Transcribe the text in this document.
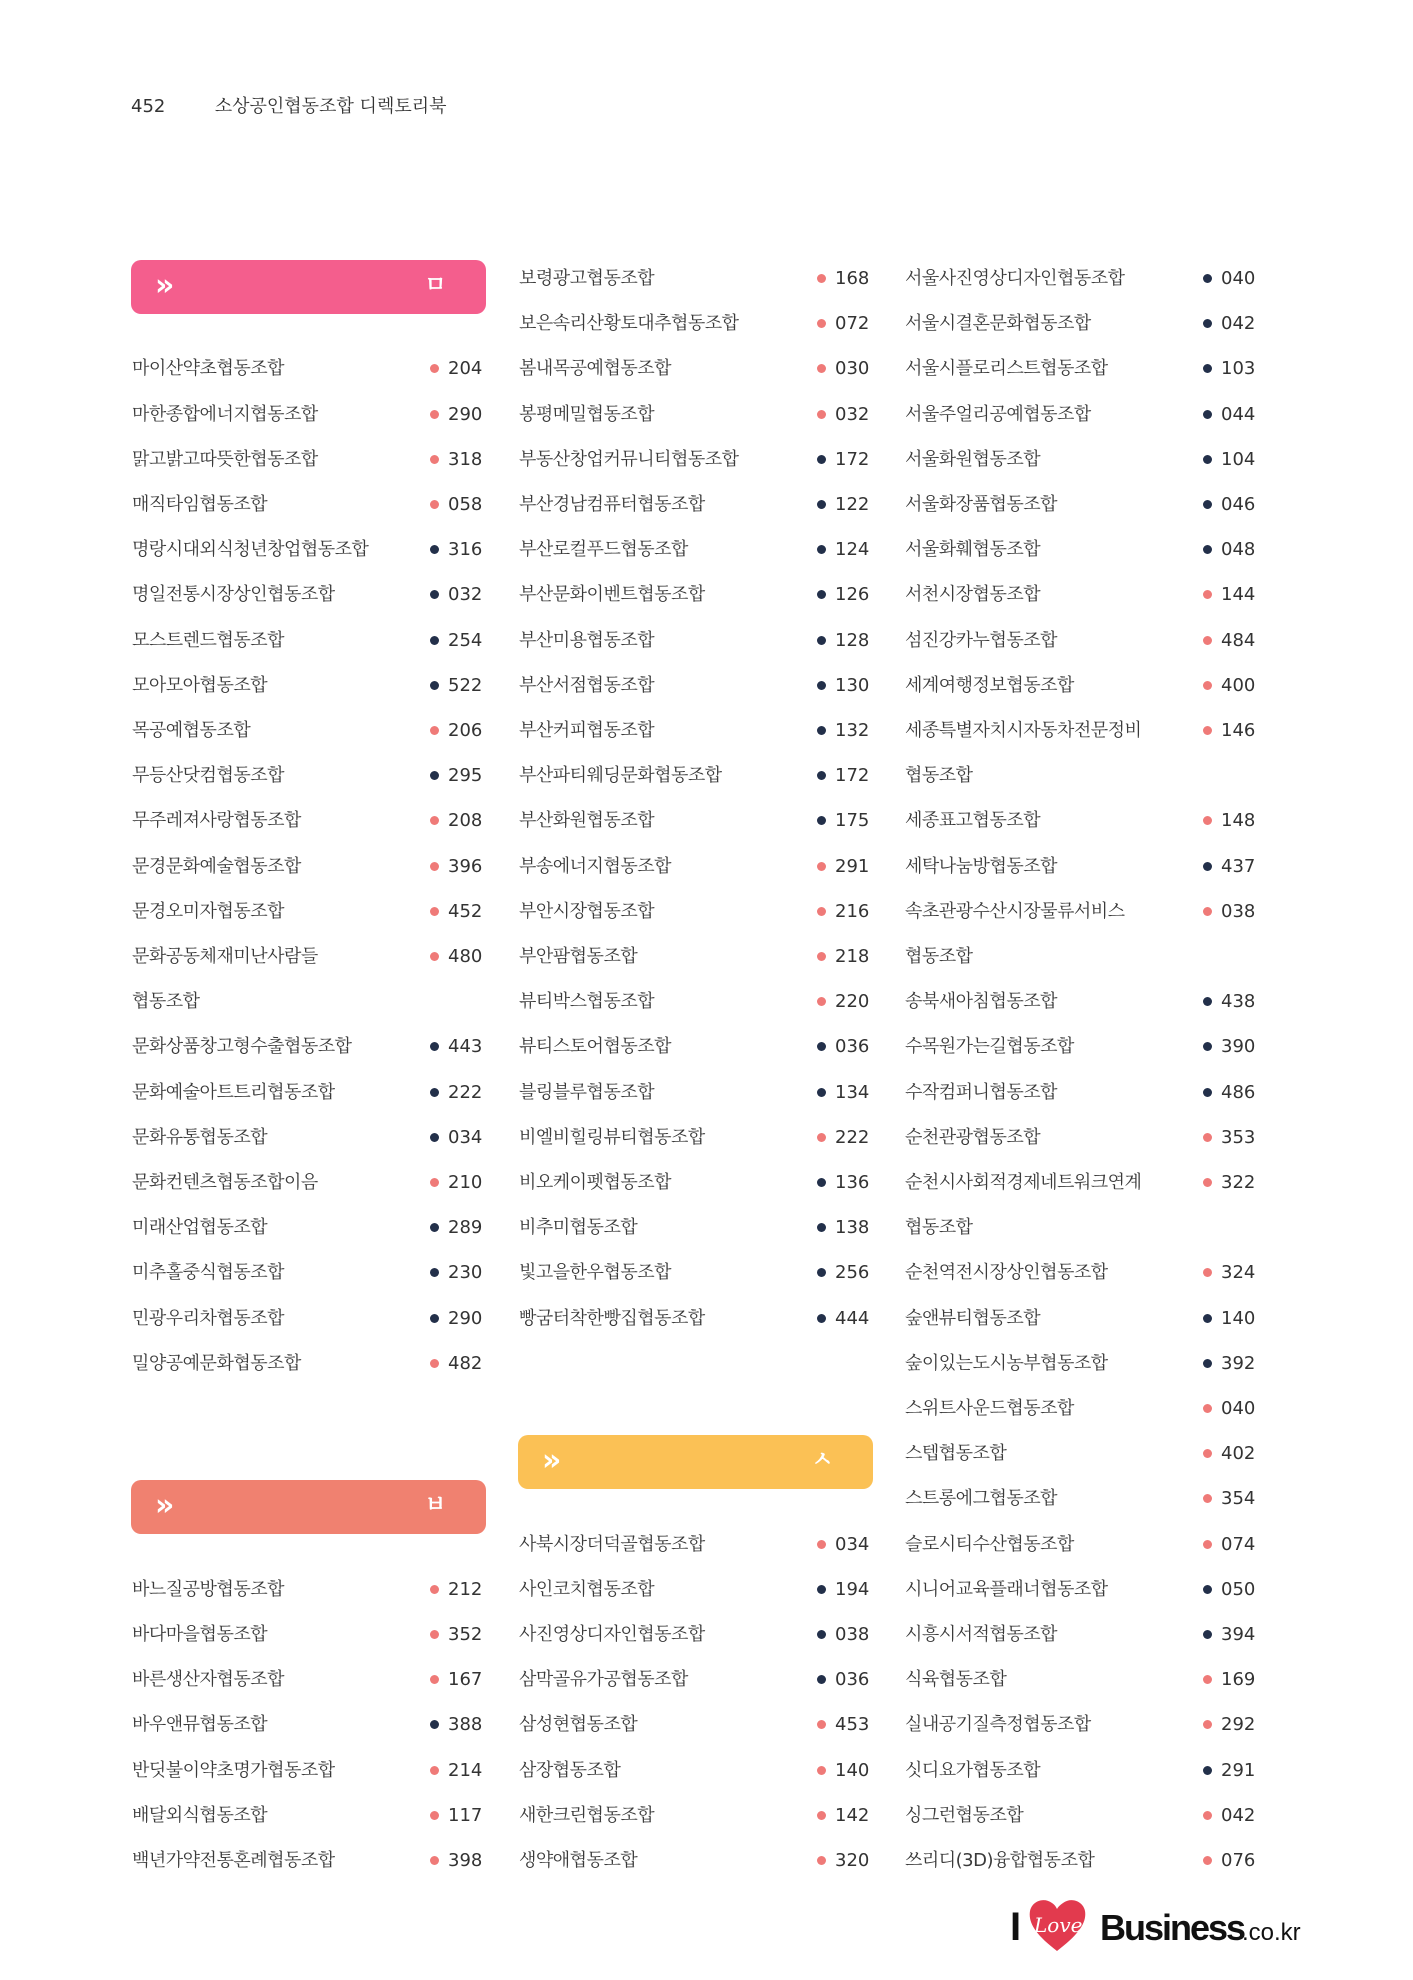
452	소상공인협동조합 디렉토리북
»	ㅁ
»	ㅂ
마이산약초협동조합	204
마한종합에너지협동조합	290
맑고밝고따뜻한협동조합	318
매직타임협동조합	058
명랑시대외식청년창업협동조합	316
명일전통시장상인협동조합	032
모스트렌드협동조합	254
모아모아협동조합	522
목공예협동조합	206
무등산닷컴협동조합	295
무주레져사랑협동조합	208
문경문화예술협동조합	396
문경오미자협동조합	452
문화공동체재미난사람들	480
협동조합
문화상품창고형수출협동조합	443
문화예술아트트리협동조합	222
문화유통협동조합	034
문화컨텐츠협동조합이음	210
미래산업협동조합	289
미추홀중식협동조합	230
민광우리차협동조합	290
밀양공예문화협동조합	482
바느질공방협동조합	212
바다마을협동조합	352
바른생산자협동조합	167
바우앤뮤협동조합	388
반딧불이약초명가협동조합	214
배달외식협동조합	117
백년가약전통혼례협동조합	398
»	ㅅ
보령광고협동조합	168
보은속리산황토대추협동조합	072
봄내목공예협동조합	030
봉평메밀협동조합	032
부동산창업커뮤니티협동조합	172
부산경남컴퓨터협동조합	122
부산로컬푸드협동조합	124
부산문화이벤트협동조합	126
부산미용협동조합	128
부산서점협동조합	130
부산커피협동조합	132
부산파티웨딩문화협동조합	172
부산화원협동조합	175
부송에너지협동조합	291
부안시장협동조합	216
부안팜협동조합	218
뷰티박스협동조합	220
뷰티스토어협동조합	036
블링블루협동조합	134
비엘비힐링뷰티협동조합	222
비오케이펫협동조합	136
비추미협동조합	138
빛고을한우협동조합	256
빵굼터착한빵집협동조합	444
사북시장더덕골협동조합	034
사인코치협동조합	194
사진영상디자인협동조합	038
삼막골유가공협동조합	036
삼성현협동조합	453
삼장협동조합	140
새한크린협동조합	142
생약애협동조합	320
서울사진영상디자인협동조합	040
서울시결혼문화협동조합	042
서울시플로리스트협동조합	103
서울주얼리공예협동조합	044
서울화원협동조합	104
서울화장품협동조합	046
서울화훼협동조합	048
서천시장협동조합	144
섬진강카누협동조합	484
세계여행정보협동조합	400
세종특별자치시자동차전문정비	146
협동조합
세종표고협동조합	148
세탁나눔방협동조합	437
속초관광수산시장물류서비스	038
협동조합
송북새아침협동조합	438
수목원가는길협동조합	390
수작컴퍼니협동조합	486
순천관광협동조합	353
순천시사회적경제네트워크연계	322
협동조합
순천역전시장상인협동조합	324
숲앤뷰티협동조합	140
숲이있는도시농부협동조합	392
스위트사운드협동조합	040
스텝협동조합	402
스트롱에그협동조합	354
슬로시티수산협동조합	074
시니어교육플래너협동조합	050
시흥시서적협동조합	394
식육협동조합	169
실내공기질측정협동조합	292
싯디요가협동조합	291
싱그런협동조합	042
쓰리디(3D)융합협동조합	076
I Love Business
.co.kr
